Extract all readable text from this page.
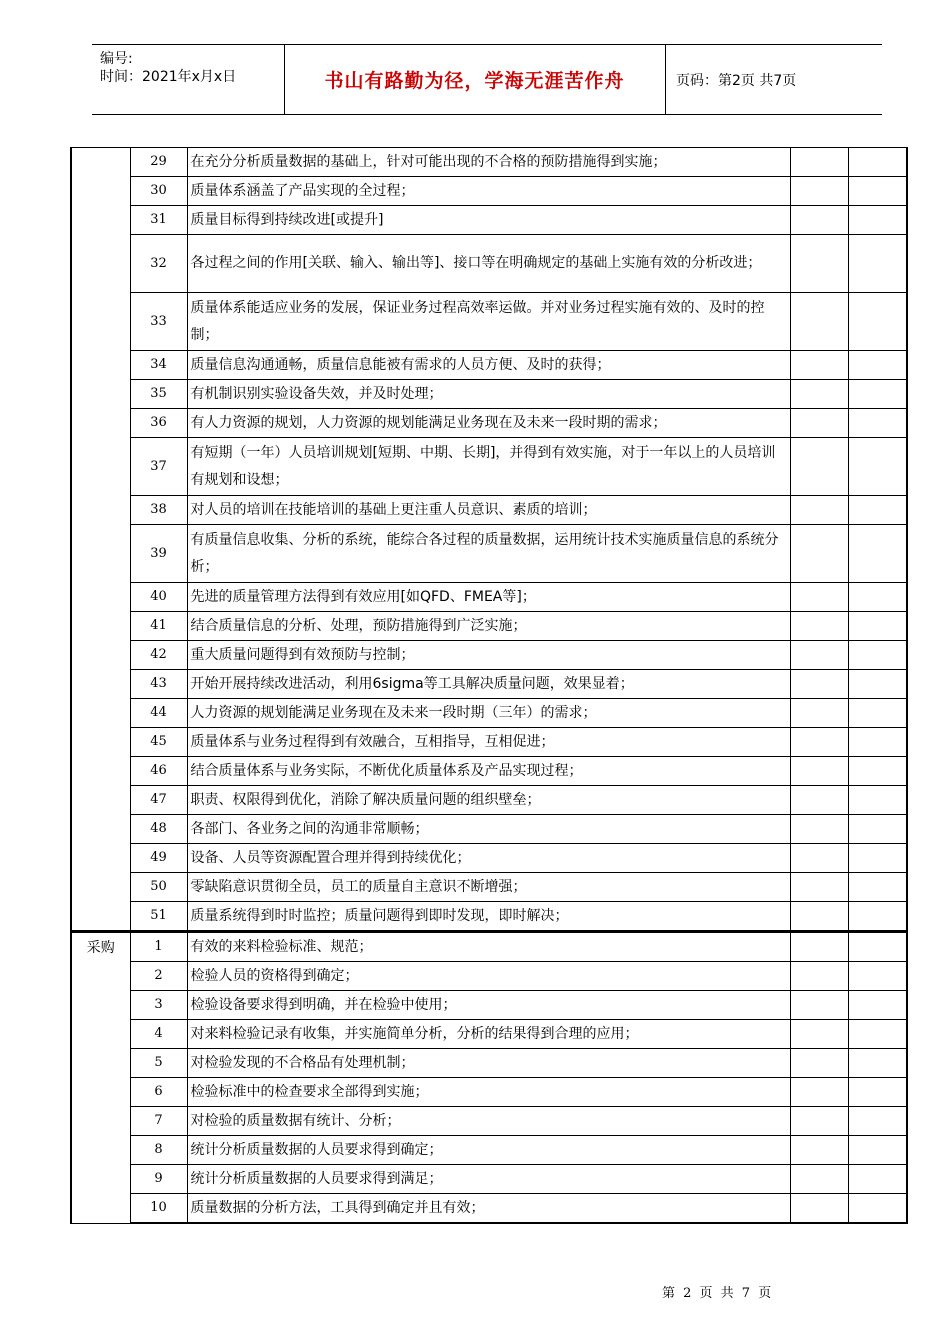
编号:
时间：2021年x月x日	书山有路勤为径，学海无涯苦作舟	页码：第2页 共7页
	29	在充分分析质量数据的基础上，针对可能出现的不合格的预防措施得到实施；		
	30	质量体系涵盖了产品实现的全过程；		
	31	质量目标得到持续改进[或提升]		
	32	各过程之间的作用[关联、输入、输出等]、接口等在明确规定的基础上实施有效的分析改进；		
	33	质量体系能适应业务的发展，保证业务过程高效率运做。并对业务过程实施有效的、及时的控制；		
	34	质量信息沟通通畅，质量信息能被有需求的人员方便、及时的获得；		
	35	有机制识别实验设备失效，并及时处理；		
	36	有人力资源的规划，人力资源的规划能满足业务现在及未来一段时期的需求；		
	37	有短期（一年）人员培训规划[短期、中期、长期]，并得到有效实施，对于一年以上的人员培训有规划和设想；		
	38	对人员的培训在技能培训的基础上更注重人员意识、素质的培训；		
	39	有质量信息收集、分析的系统，能综合各过程的质量数据，运用统计技术实施质量信息的系统分析；		
	40	先进的质量管理方法得到有效应用[如QFD、FMEA等]；		
	41	结合质量信息的分析、处理，预防措施得到广泛实施；		
	42	重大质量问题得到有效预防与控制；		
	43	开始开展持续改进活动，利用6sigma等工具解决质量问题，效果显着；		
	44	人力资源的规划能满足业务现在及未来一段时期（三年）的需求；		
	45	质量体系与业务过程得到有效融合，互相指导，互相促进；		
	46	结合质量体系与业务实际，不断优化质量体系及产品实现过程；		
	47	职责、权限得到优化，消除了解决质量问题的组织壁垒；		
	48	各部门、各业务之间的沟通非常顺畅；		
	49	设备、人员等资源配置合理并得到持续优化；		
	50	零缺陷意识贯彻全员，员工的质量自主意识不断增强；		
	51	质量系统得到时时监控；质量问题得到即时发现，即时解决；		
采购	1	有效的来料检验标准、规范；		
	2	检验人员的资格得到确定；		
	3	检验设备要求得到明确，并在检验中使用；		
	4	对来料检验记录有收集，并实施简单分析，分析的结果得到合理的应用；		
	5	对检验发现的不合格品有处理机制；		
	6	检验标准中的检查要求全部得到实施；		
	7	对检验的质量数据有统计、分析；		
	8	统计分析质量数据的人员要求得到确定；		
	9	统计分析质量数据的人员要求得到满足；		
	10	质量数据的分析方法，工具得到确定并且有效；		
第 2 页 共 7 页
